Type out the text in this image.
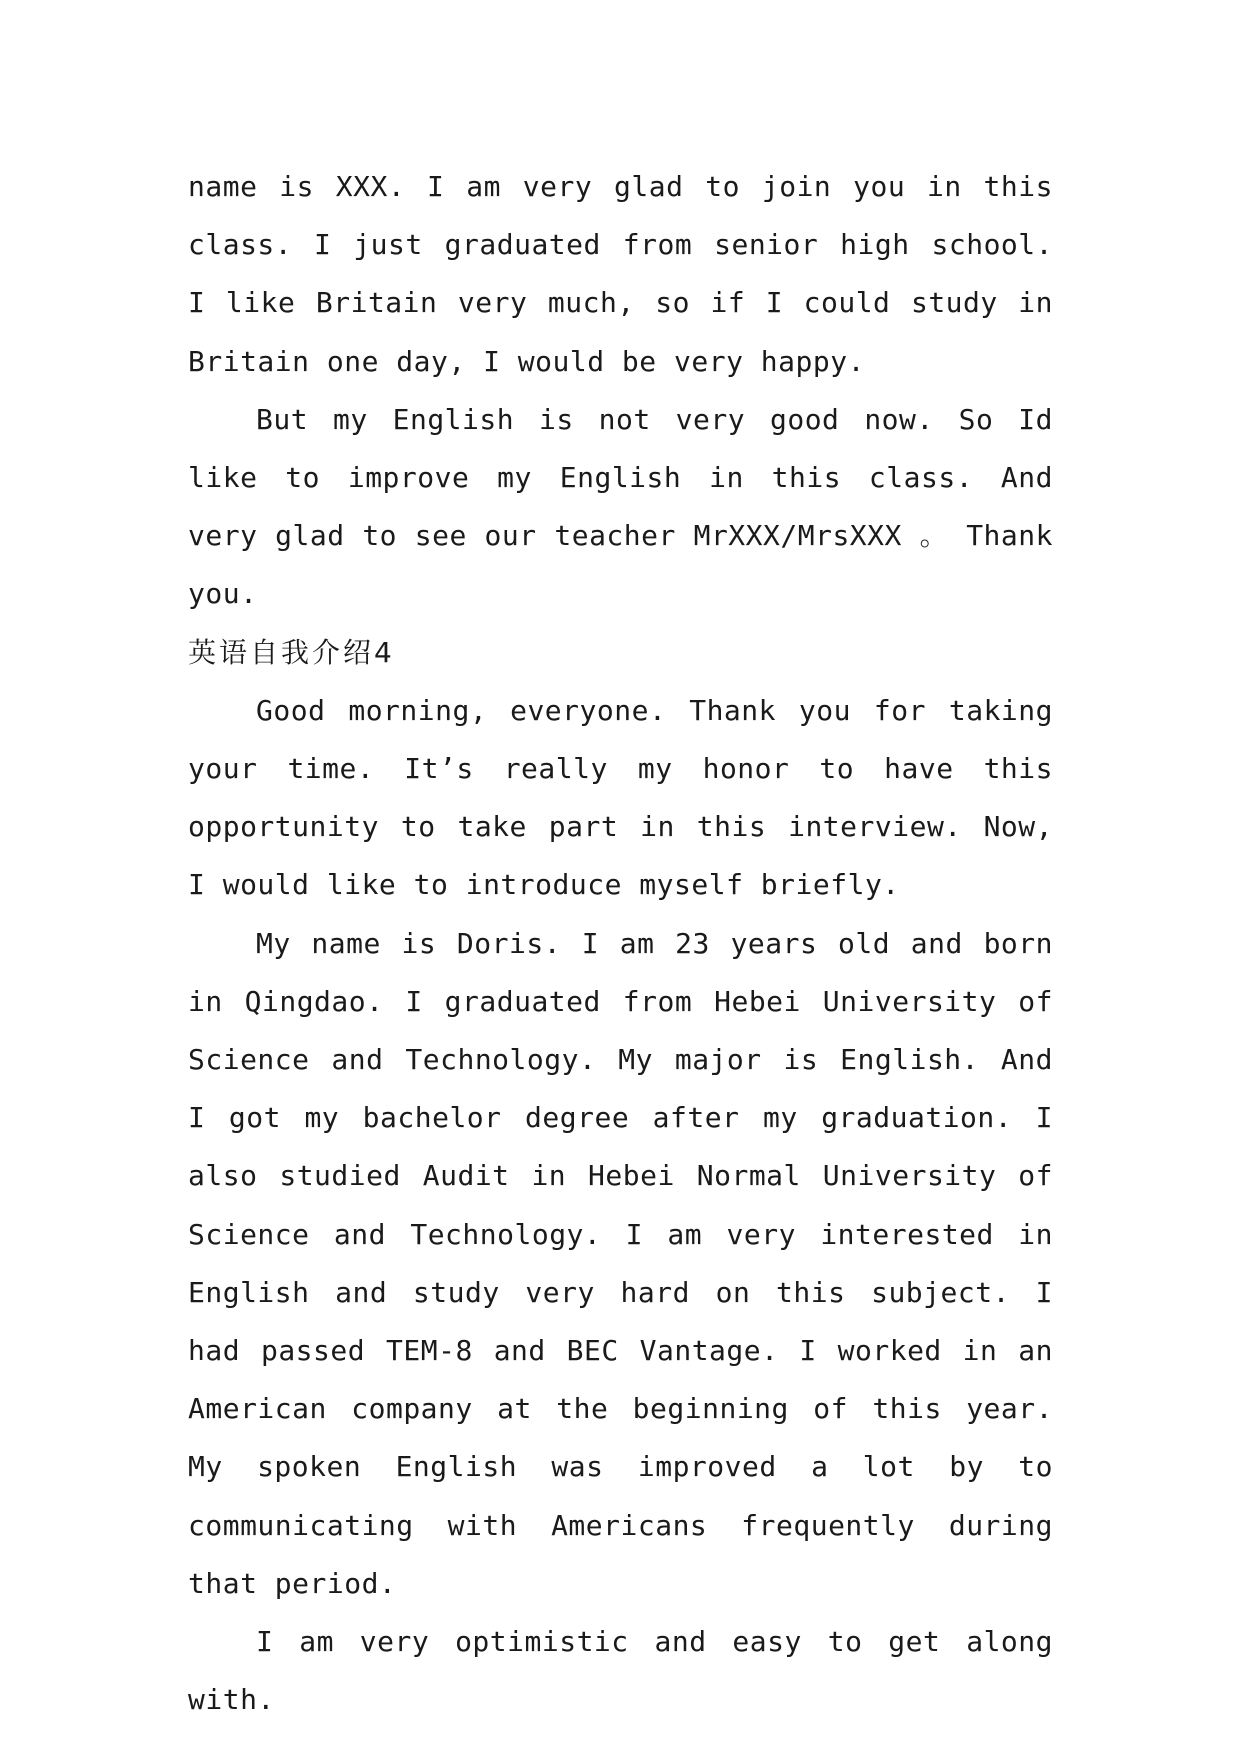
name is XXX. I am very glad to join you in this class. I just graduated from senior high school. I like Britain very much, so if I could study in Britain one day, I would be very happy.

But my English is not very good now. So Id like to improve my English in this class. And very glad to see our teacher MrXXX/MrsXXX 。 Thank you.

英语自我介绍4

Good morning, everyone. Thank you for taking your time. It’s really my honor to have this opportunity to take part in this interview. Now, I would like to introduce myself briefly.

My name is Doris. I am 23 years old and born in Qingdao. I graduated from Hebei University of Science and Technology. My major is English. And I got my bachelor degree after my graduation. I also studied Audit in Hebei Normal University of Science and Technology. I am very interested in English and study very hard on this subject. I had passed TEM-8 and BEC Vantage. I worked in an American company at the beginning of this year. My spoken English was improved a lot by to communicating with Americans frequently during that period.

I am very optimistic and easy to get along with.
